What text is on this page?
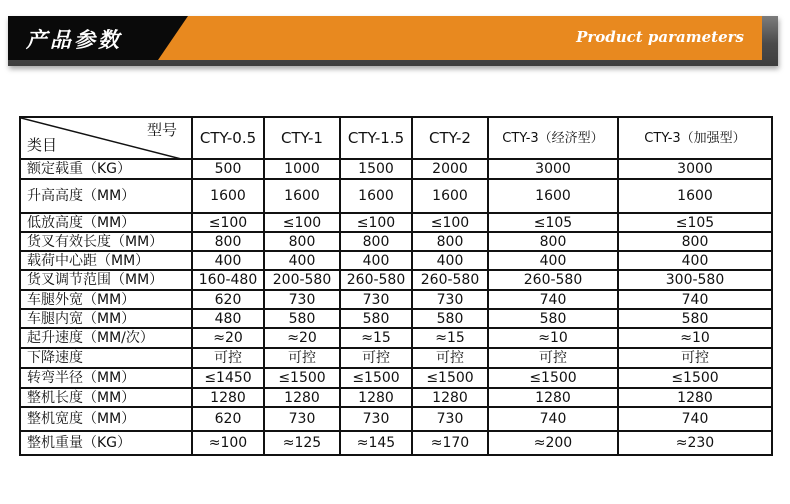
产品参数	Product parameters
型号
类目	CTY-0.5	CTY-1	CTY-1.5	CTY-2	CTY-3（经济型）	CTY-3（加强型）
额定载重（KG）	500	1000	1500	2000	3000	3000
升高高度（MM）	1600	1600	1600	1600	1600	1600
低放高度（MM）	≤100	≤100	≤100	≤100	≤105	≤105
货叉有效长度（MM）	800	800	800	800	800	800
载荷中心距（MM）	400	400	400	400	400	400
货叉调节范围（MM）	160-480	200-580	260-580	260-580	260-580	300-580
车腿外宽（MM）	620	730	730	730	740	740
车腿内宽（MM）	480	580	580	580	580	580
起升速度（MM/次）	≈20	≈20	≈15	≈15	≈10	≈10
下降速度	可控	可控	可控	可控	可控	可控
转弯半径（MM）	≤1450	≤1500	≤1500	≤1500	≤1500	≤1500
整机长度（MM）	1280	1280	1280	1280	1280	1280
整机宽度（MM）	620	730	730	730	740	740
整机重量（KG）	≈100	≈125	≈145	≈170	≈200	≈230
